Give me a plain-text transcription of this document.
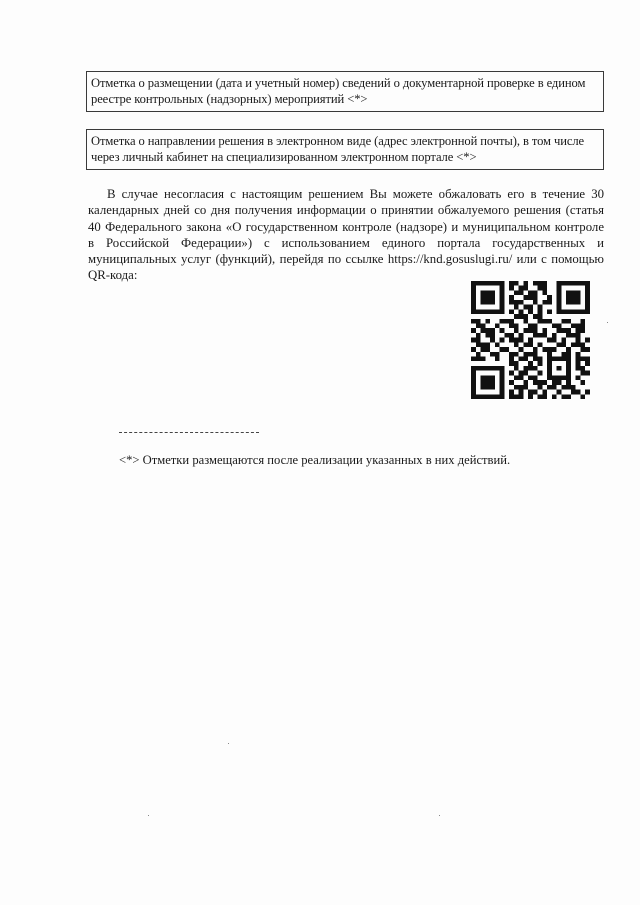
Отметка о размещении (дата и учетный номер) сведений о документарной проверке в едином
реестре контрольных (надзорных) мероприятий <*>
Отметка о направлении решения в электронном виде (адрес электронной почты), в том числе
через личный кабинет на специализированном электронном портале <*>
В случае несогласия с настоящим решением Вы можете обжаловать его в течение 30
календарных дней со дня получения информации о принятии обжалуемого решения (статья
40 Федерального закона «О государственном контроле (надзоре) и муниципальном контроле
в Российской Федерации») с использованием единого портала государственных и
муниципальных услуг (функций), перейдя по ссылке https://knd.gosuslugi.ru/ или с помощью
QR-кода:
<*> Отметки размещаются после реализации указанных в них действий.
